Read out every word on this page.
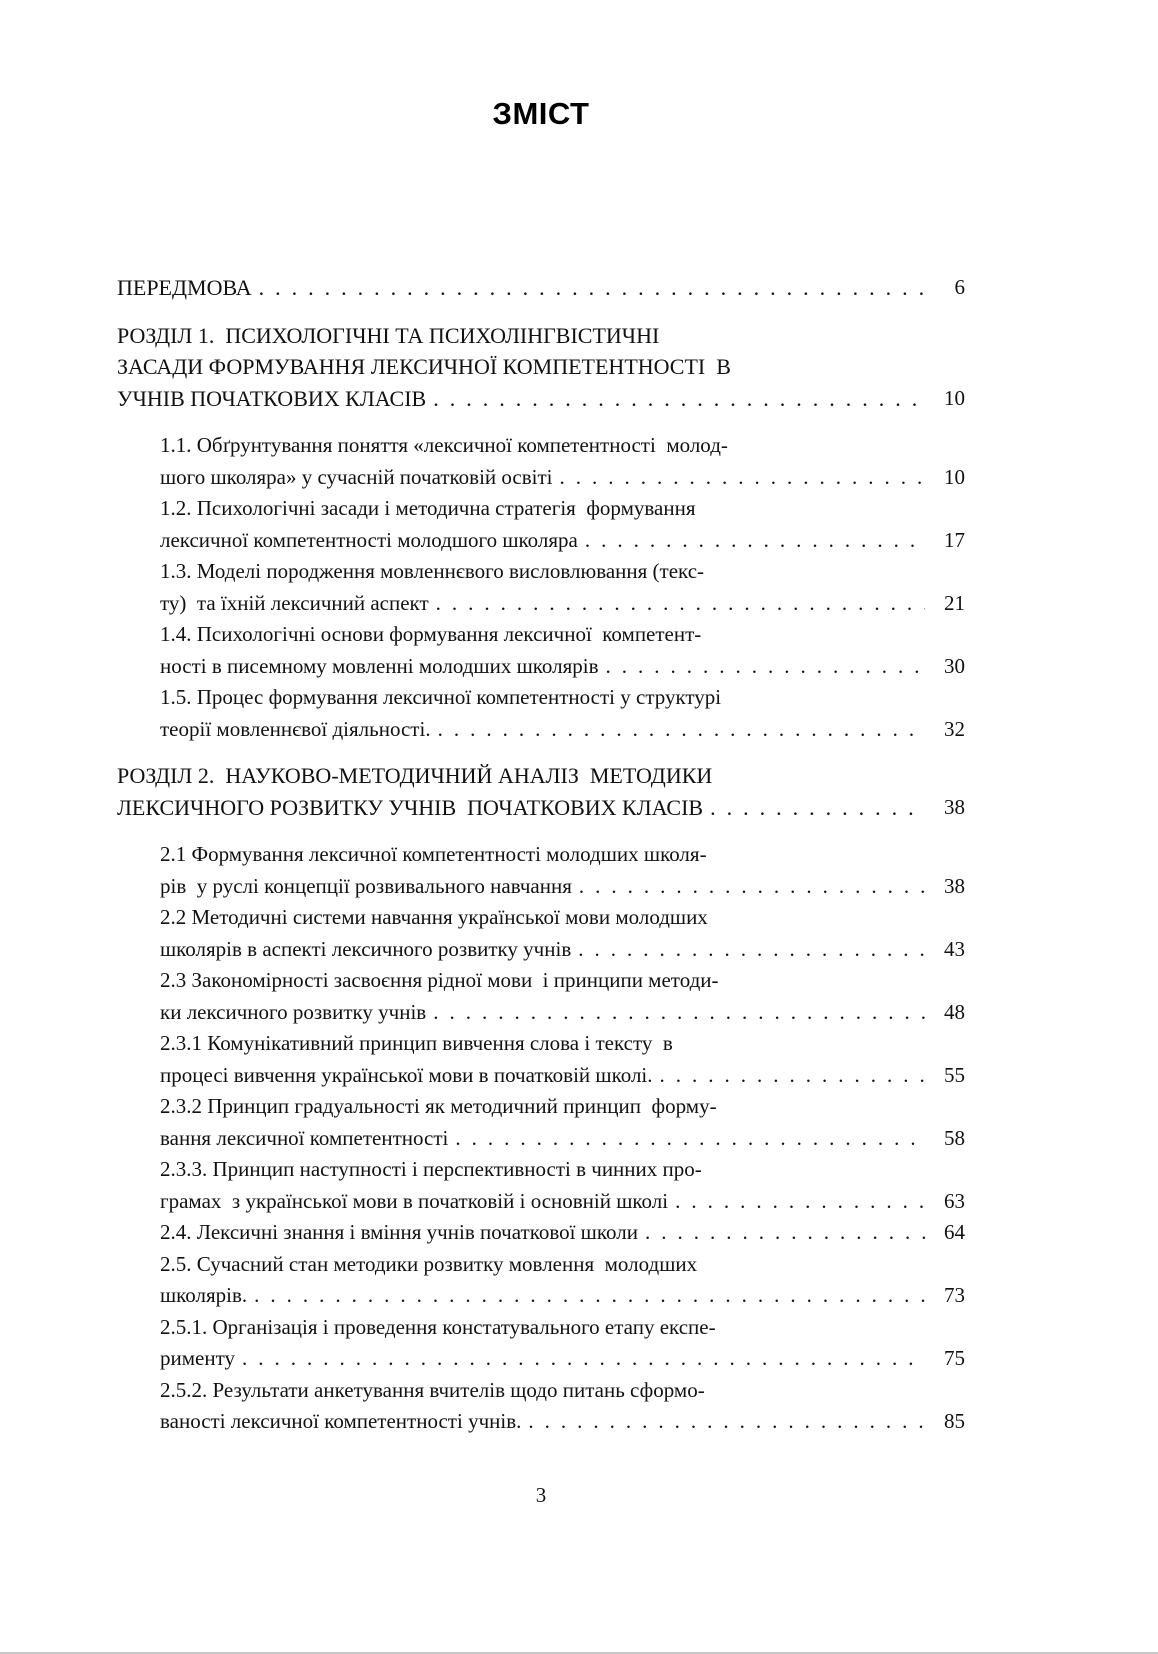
ЗМІСТ
ПЕРЕДМОВА .....	6
РОЗДІЛ 1.  ПСИХОЛОГІЧНІ ТА ПСИХОЛІНГВІСТИЧНІ
ЗАСАДИ ФОРМУВАННЯ ЛЕКСИЧНОЇ КОМПЕТЕНТНОСТІ  В
УЧНІВ ПОЧАТКОВИХ КЛАСІВ .....	10
1.1. Обґрунтування поняття «лексичної компетентності  молод-
шого школяра» у сучасній початковій освіті .....	10
1.2. Психологічні засади і методична стратегія  формування
лексичної компетентності молодшого школяра .....	17
1.3. Моделі породження мовленнєвого висловлювання (текс-
ту)  та їхній лексичний аспект .....	21
1.4. Психологічні основи формування лексичної  компетент-
ності в писемному мовленні молодших школярів .....	30
1.5. Процес формування лексичної компетентності у структурі
теорії мовленнєвої діяльності. .....	32
РОЗДІЛ 2.  НАУКОВО-МЕТОДИЧНИЙ АНАЛІЗ  МЕТОДИКИ
ЛЕКСИЧНОГО РОЗВИТКУ УЧНІВ  ПОЧАТКОВИХ КЛАСІВ .....	38
2.1 Формування лексичної компетентності молодших школя-
рів  у руслі концепції розвивального навчання .....	38
2.2 Методичні системи навчання української мови молодших
школярів в аспекті лексичного розвитку учнів .....	43
2.3 Закономірності засвоєння рідної мови  і принципи методи-
ки лексичного розвитку учнів .....	48
2.3.1 Комунікативний принцип вивчення слова і тексту  в
процесі вивчення української мови в початковій школі. .....	55
2.3.2 Принцип градуальності як методичний принцип  форму-
вання лексичної компетентності .....	58
2.3.3. Принцип наступності і перспективності в чинних про-
грамах  з української мови в початковій і основній школі .....	63
2.4. Лексичні знання і вміння учнів початкової школи .....	64
2.5. Сучасний стан методики розвитку мовлення  молодших
школярів. .....	73
2.5.1. Організація і проведення констатувального етапу експе-
рименту .....	75
2.5.2. Результати анкетування вчителів щодо питань сформо-
ваності лексичної компетентності учнів. .....	85
3
